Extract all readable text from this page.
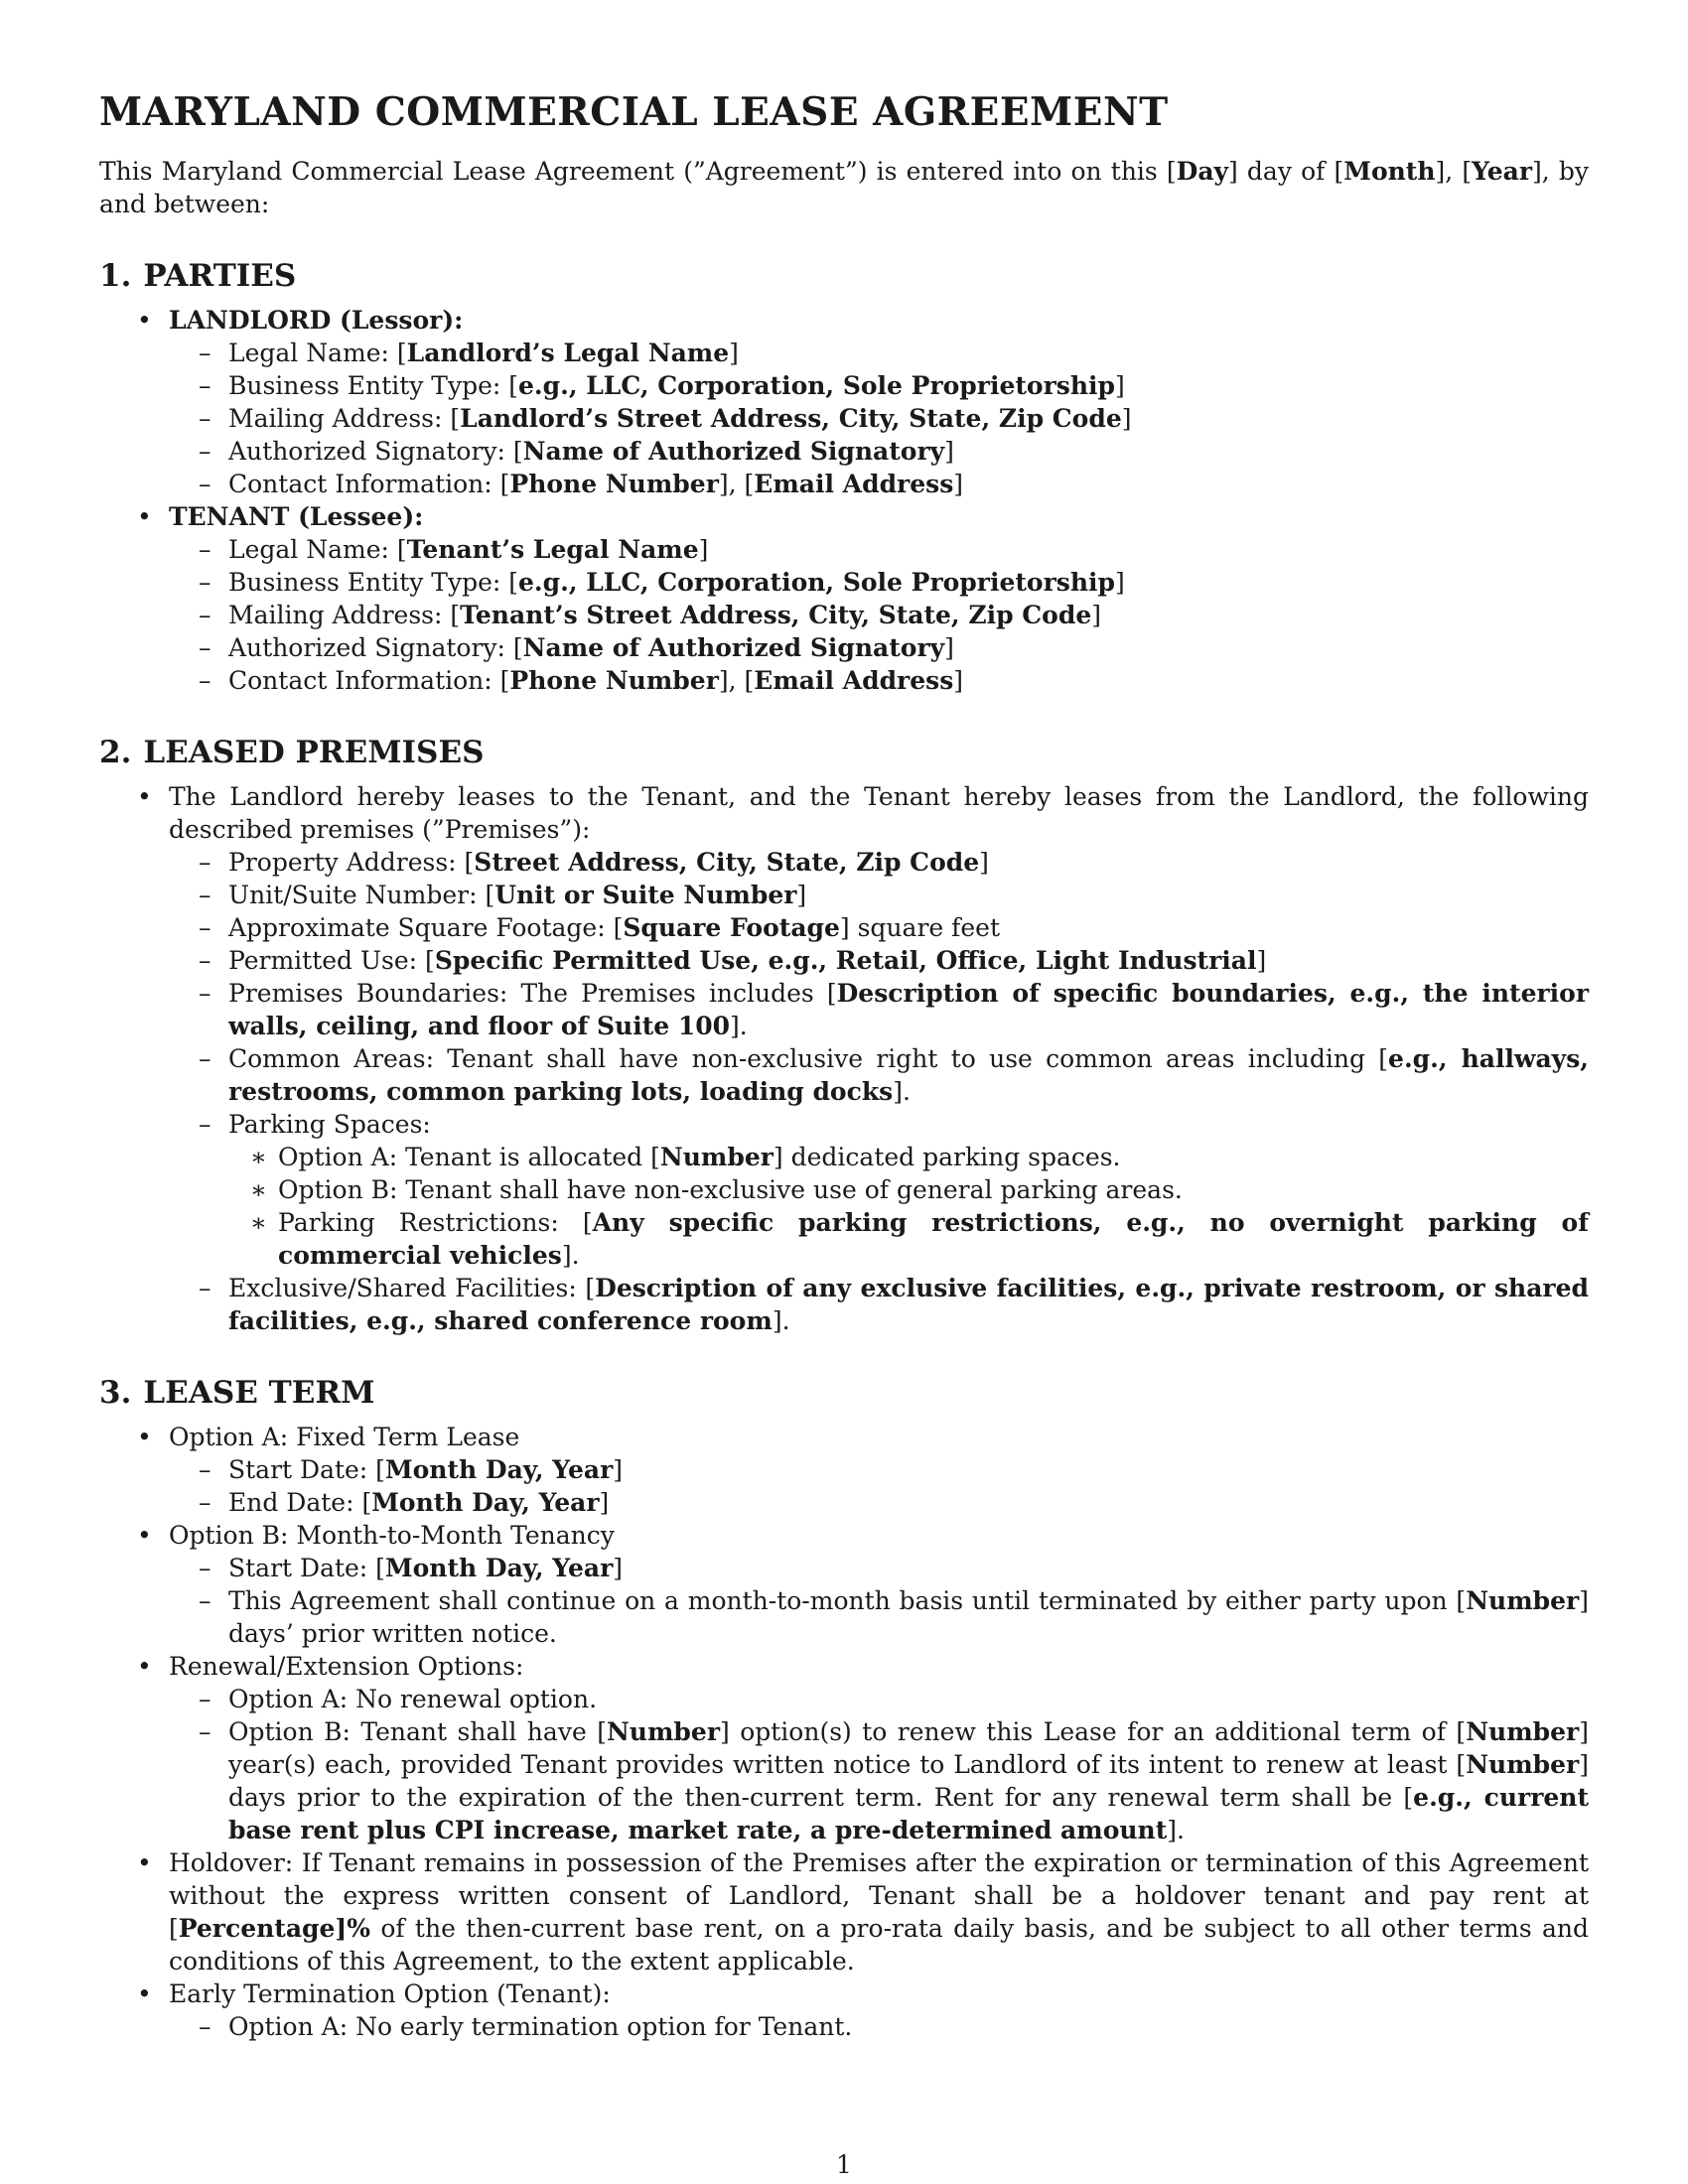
MARYLAND COMMERCIAL LEASE AGREEMENT

This Maryland Commercial Lease Agreement (”Agreement”) is entered into on this [Day] day of [Month], [Year], by and between:

1. PARTIES
• LANDLORD (Lessor):
– Legal Name: [Landlord’s Legal Name]
– Business Entity Type: [e.g., LLC, Corporation, Sole Proprietorship]
– Mailing Address: [Landlord’s Street Address, City, State, Zip Code]
– Authorized Signatory: [Name of Authorized Signatory]
– Contact Information: [Phone Number], [Email Address]
• TENANT (Lessee):
– Legal Name: [Tenant’s Legal Name]
– Business Entity Type: [e.g., LLC, Corporation, Sole Proprietorship]
– Mailing Address: [Tenant’s Street Address, City, State, Zip Code]
– Authorized Signatory: [Name of Authorized Signatory]
– Contact Information: [Phone Number], [Email Address]
2. LEASED PREMISES
• The Landlord hereby leases to the Tenant, and the Tenant hereby leases from the Landlord, the following described premises (”Premises”):
– Property Address: [Street Address, City, State, Zip Code]
– Unit/Suite Number: [Unit or Suite Number]
– Approximate Square Footage: [Square Footage] square feet
– Permitted Use: [Specific Permitted Use, e.g., Retail, Office, Light Industrial]
– Premises Boundaries: The Premises includes [Description of specific boundaries, e.g., the interior walls, ceiling, and floor of Suite 100].
– Common Areas: Tenant shall have non-exclusive right to use common areas including [e.g., hallways, restrooms, common parking lots, loading docks].
– Parking Spaces:
∗ Option A: Tenant is allocated [Number] dedicated parking spaces.
∗ Option B: Tenant shall have non-exclusive use of general parking areas.
∗ Parking Restrictions: [Any specific parking restrictions, e.g., no overnight parking of commercial vehicles].
– Exclusive/Shared Facilities: [Description of any exclusive facilities, e.g., private restroom, or shared facilities, e.g., shared conference room].
3. LEASE TERM
• Option A: Fixed Term Lease
– Start Date: [Month Day, Year]
– End Date: [Month Day, Year]
• Option B: Month-to-Month Tenancy
– Start Date: [Month Day, Year]
– This Agreement shall continue on a month-to-month basis until terminated by either party upon [Number] days’ prior written notice.
• Renewal/Extension Options:
– Option A: No renewal option.
– Option B: Tenant shall have [Number] option(s) to renew this Lease for an additional term of [Number] year(s) each, provided Tenant provides written notice to Landlord of its intent to renew at least [Number] days prior to the expiration of the then-current term. Rent for any renewal term shall be [e.g., current base rent plus CPI increase, market rate, a pre-determined amount].
• Holdover: If Tenant remains in possession of the Premises after the expiration or termination of this Agreement without the express written consent of Landlord, Tenant shall be a holdover tenant and pay rent at [Percentage]% of the then-current base rent, on a pro-rata daily basis, and be subject to all other terms and conditions of this Agreement, to the extent applicable.
• Early Termination Option (Tenant):
– Option A: No early termination option for Tenant.
1
